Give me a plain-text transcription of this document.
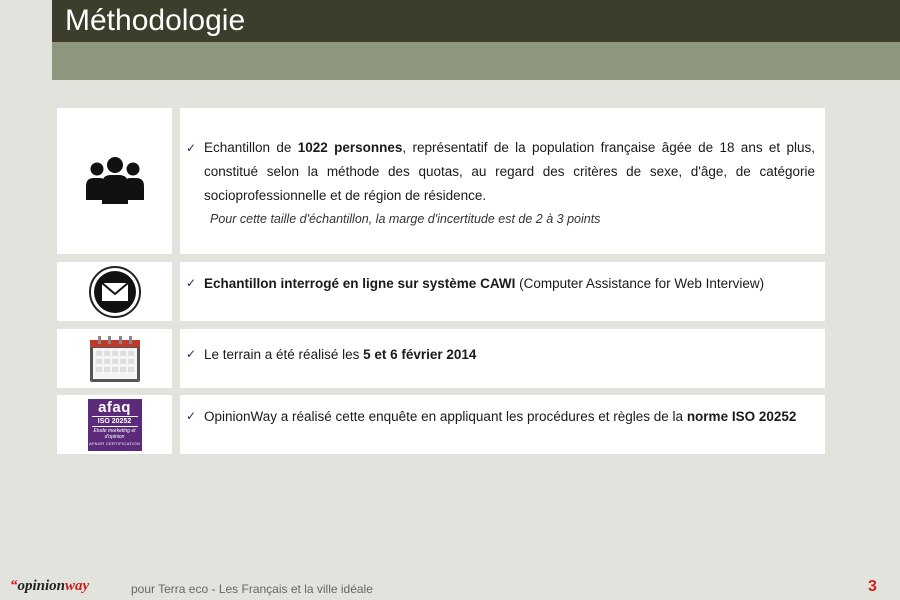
Méthodologie
✓ Echantillon de 1022 personnes, représentatif de la population française âgée de 18 ans et plus, constitué selon la méthode des quotas, au regard des critères de sexe, d'âge, de catégorie socioprofessionnelle et de région de résidence.
Pour cette taille d'échantillon, la marge d'incertitude est de 2 à 3 points
✓ Echantillon interrogé en ligne sur système CAWI (Computer Assistance for Web Interview)
✓ Le terrain a été réalisé les 5 et 6 février 2014
afaq
ISO 20252
Etude marketing et d'opinion
AFNOR CERTIFICATION
✓ OpinionWay a réalisé cette enquête en appliquant les procédures et règles de la norme ISO 20252
“opinionway	pour Terra eco - Les Français et la ville idéale	3
